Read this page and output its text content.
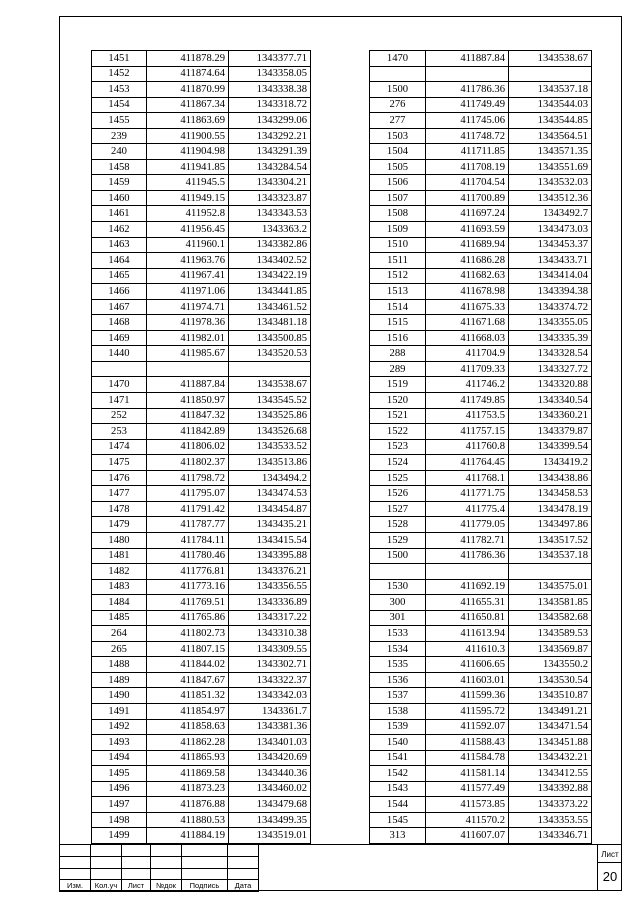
1451	411878.29	1343377.71
1452	411874.64	1343358.05
1453	411870.99	1343338.38
1454	411867.34	1343318.72
1455	411863.69	1343299.06
239	411900.55	1343292.21
240	411904.98	1343291.39
1458	411941.85	1343284.54
1459	411945.5	1343304.21
1460	411949.15	1343323.87
1461	411952.8	1343343.53
1462	411956.45	1343363.2
1463	411960.1	1343382.86
1464	411963.76	1343402.52
1465	411967.41	1343422.19
1466	411971.06	1343441.85
1467	411974.71	1343461.52
1468	411978.36	1343481.18
1469	411982.01	1343500.85
1440	411985.67	1343520.53

1470	411887.84	1343538.67
1471	411850.97	1343545.52
252	411847.32	1343525.86
253	411842.89	1343526.68
1474	411806.02	1343533.52
1475	411802.37	1343513.86
1476	411798.72	1343494.2
1477	411795.07	1343474.53
1478	411791.42	1343454.87
1479	411787.77	1343435.21
1480	411784.11	1343415.54
1481	411780.46	1343395.88
1482	411776.81	1343376.21
1483	411773.16	1343356.55
1484	411769.51	1343336.89
1485	411765.86	1343317.22
264	411802.73	1343310.38
265	411807.15	1343309.55
1488	411844.02	1343302.71
1489	411847.67	1343322.37
1490	411851.32	1343342.03
1491	411854.97	1343361.7
1492	411858.63	1343381.36
1493	411862.28	1343401.03
1494	411865.93	1343420.69
1495	411869.58	1343440.36
1496	411873.23	1343460.02
1497	411876.88	1343479.68
1498	411880.53	1343499.35
1499	411884.19	1343519.01
1470	411887.84	1343538.67

1500	411786.36	1343537.18
276	411749.49	1343544.03
277	411745.06	1343544.85
1503	411748.72	1343564.51
1504	411711.85	1343571.35
1505	411708.19	1343551.69
1506	411704.54	1343532.03
1507	411700.89	1343512.36
1508	411697.24	1343492.7
1509	411693.59	1343473.03
1510	411689.94	1343453.37
1511	411686.28	1343433.71
1512	411682.63	1343414.04
1513	411678.98	1343394.38
1514	411675.33	1343374.72
1515	411671.68	1343355.05
1516	411668.03	1343335.39
288	411704.9	1343328.54
289	411709.33	1343327.72
1519	411746.2	1343320.88
1520	411749.85	1343340.54
1521	411753.5	1343360.21
1522	411757.15	1343379.87
1523	411760.8	1343399.54
1524	411764.45	1343419.2
1525	411768.1	1343438.86
1526	411771.75	1343458.53
1527	411775.4	1343478.19
1528	411779.05	1343497.86
1529	411782.71	1343517.52
1500	411786.36	1343537.18

1530	411692.19	1343575.01
300	411655.31	1343581.85
301	411650.81	1343582.68
1533	411613.94	1343589.53
1534	411610.3	1343569.87
1535	411606.65	1343550.2
1536	411603.01	1343530.54
1537	411599.36	1343510.87
1538	411595.72	1343491.21
1539	411592.07	1343471.54
1540	411588.43	1343451.88
1541	411584.78	1343432.21
1542	411581.14	1343412.55
1543	411577.49	1343392.88
1544	411573.85	1343373.22
1545	411570.2	1343353.55
313	411607.07	1343346.71

Изм.	Кол.уч	Лист	№док	Подпись	Дата
Лист
20
